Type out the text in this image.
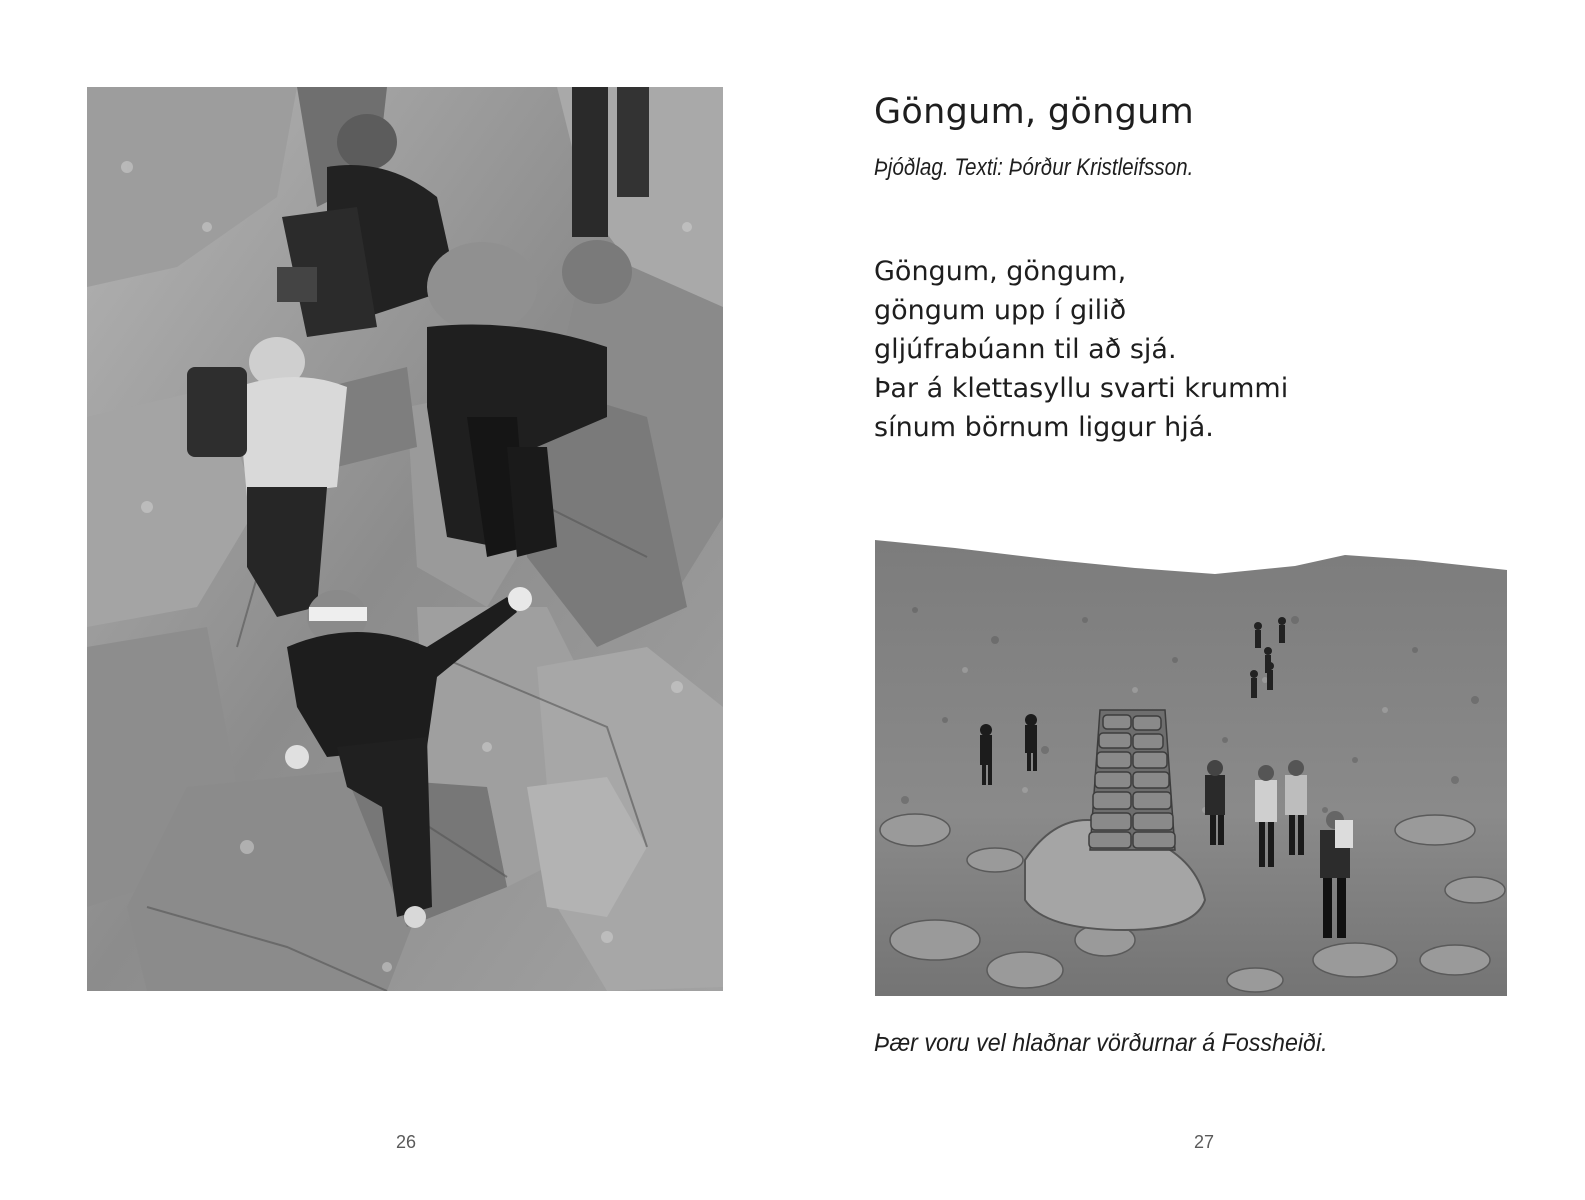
26
Göngum, göngum

Þjóðlag. Texti: Þórður Kristleifsson.

Göngum, göngum,
göngum upp í gilið
gljúfrabúann til að sjá.
Þar á klettasyllu svarti krummi
sínum börnum liggur hjá.

Þær voru vel hlaðnar vörðurnar á Fossheiði.

27
